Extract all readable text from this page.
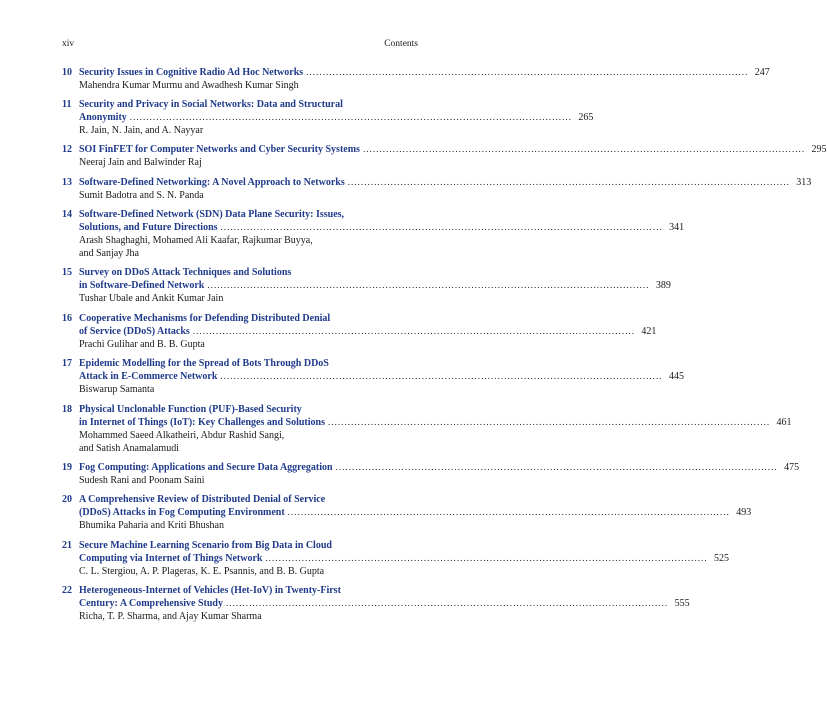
xiv	Contents
10 Security Issues in Cognitive Radio Ad Hoc Networks . . .	247
Mahendra Kumar Murmu and Awadhesh Kumar Singh
11 Security and Privacy in Social Networks: Data and Structural
Anonymity . . .	265
R. Jain, N. Jain, and A. Nayyar
12 SOI FinFET for Computer Networks and Cyber Security Systems . . .	295
Neeraj Jain and Balwinder Raj
13 Software-Defined Networking: A Novel Approach to Networks . . .	313
Sumit Badotra and S. N. Panda
14 Software-Defined Network (SDN) Data Plane Security: Issues,
Solutions, and Future Directions . . .	341
Arash Shaghaghi, Mohamed Ali Kaafar, Rajkumar Buyya,
and Sanjay Jha
15 Survey on DDoS Attack Techniques and Solutions
in Software-Defined Network . . .	389
Tushar Ubale and Ankit Kumar Jain
16 Cooperative Mechanisms for Defending Distributed Denial
of Service (DDoS) Attacks . . .	421
Prachi Gulihar and B. B. Gupta
17 Epidemic Modelling for the Spread of Bots Through DDoS
Attack in E-Commerce Network . . .	445
Biswarup Samanta
18 Physical Unclonable Function (PUF)-Based Security
in Internet of Things (IoT): Key Challenges and Solutions . . .	461
Mohammed Saeed Alkatheiri, Abdur Rashid Sangi,
and Satish Anamalamudi
19 Fog Computing: Applications and Secure Data Aggregation . . .	475
Sudesh Rani and Poonam Saini
20 A Comprehensive Review of Distributed Denial of Service
(DDoS) Attacks in Fog Computing Environment . . .	493
Bhumika Paharia and Kriti Bhushan
21 Secure Machine Learning Scenario from Big Data in Cloud
Computing via Internet of Things Network . . .	525
C. L. Stergiou, A. P. Plageras, K. E. Psannis, and B. B. Gupta
22 Heterogeneous-Internet of Vehicles (Het-IoV) in Twenty-First
Century: A Comprehensive Study . . .	555
Richa, T. P. Sharma, and Ajay Kumar Sharma
